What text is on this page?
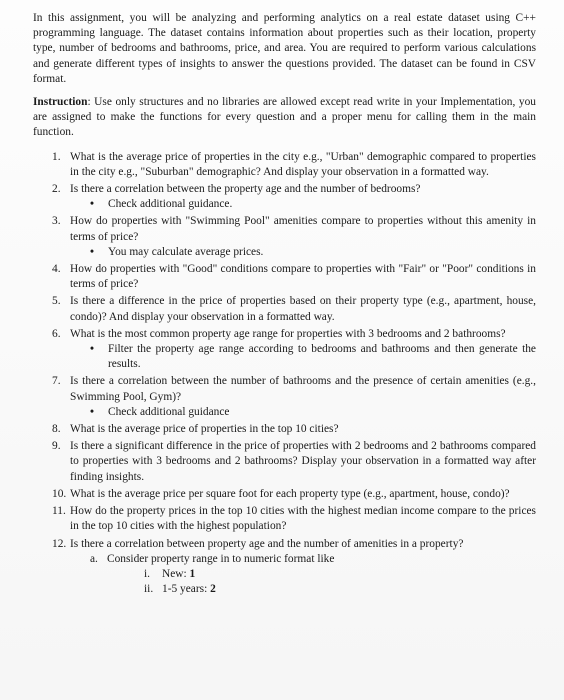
In this assignment, you will be analyzing and performing analytics on a real estate dataset using C++ programming language. The dataset contains information about properties such as their location, property type, number of bedrooms and bathrooms, price, and area. You are required to perform various calculations and generate different types of insights to answer the questions provided. The dataset can be found in CSV format.

Instruction: Use only structures and no libraries are allowed except read write in your Implementation, you are assigned to make the functions for every question and a proper menu for calling them in the main function.

1. What is the average price of properties in the city e.g., "Urban" demographic compared to properties in the city e.g., "Suburban" demographic? And display your observation in a formatted way.
2. Is there a correlation between the property age and the number of bedrooms?
• Check additional guidance.
3. How do properties with "Swimming Pool" amenities compare to properties without this amenity in terms of price?
• You may calculate average prices.
4. How do properties with "Good" conditions compare to properties with "Fair" or "Poor" conditions in terms of price?
5. Is there a difference in the price of properties based on their property type (e.g., apartment, house, condo)? And display your observation in a formatted way.
6. What is the most common property age range for properties with 3 bedrooms and 2 bathrooms?
• Filter the property age range according to bedrooms and bathrooms and then generate the results.
7. Is there a correlation between the number of bathrooms and the presence of certain amenities (e.g., Swimming Pool, Gym)?
• Check additional guidance
8. What is the average price of properties in the top 10 cities?
9. Is there a significant difference in the price of properties with 2 bedrooms and 2 bathrooms compared to properties with 3 bedrooms and 2 bathrooms? Display your observation in a formatted way after finding insights.
10. What is the average price per square foot for each property type (e.g., apartment, house, condo)?
11. How do the property prices in the top 10 cities with the highest median income compare to the prices in the top 10 cities with the highest population?
12. Is there a correlation between property age and the number of amenities in a property?
a. Consider property range in to numeric format like
i. New: 1
ii. 1-5 years: 2
